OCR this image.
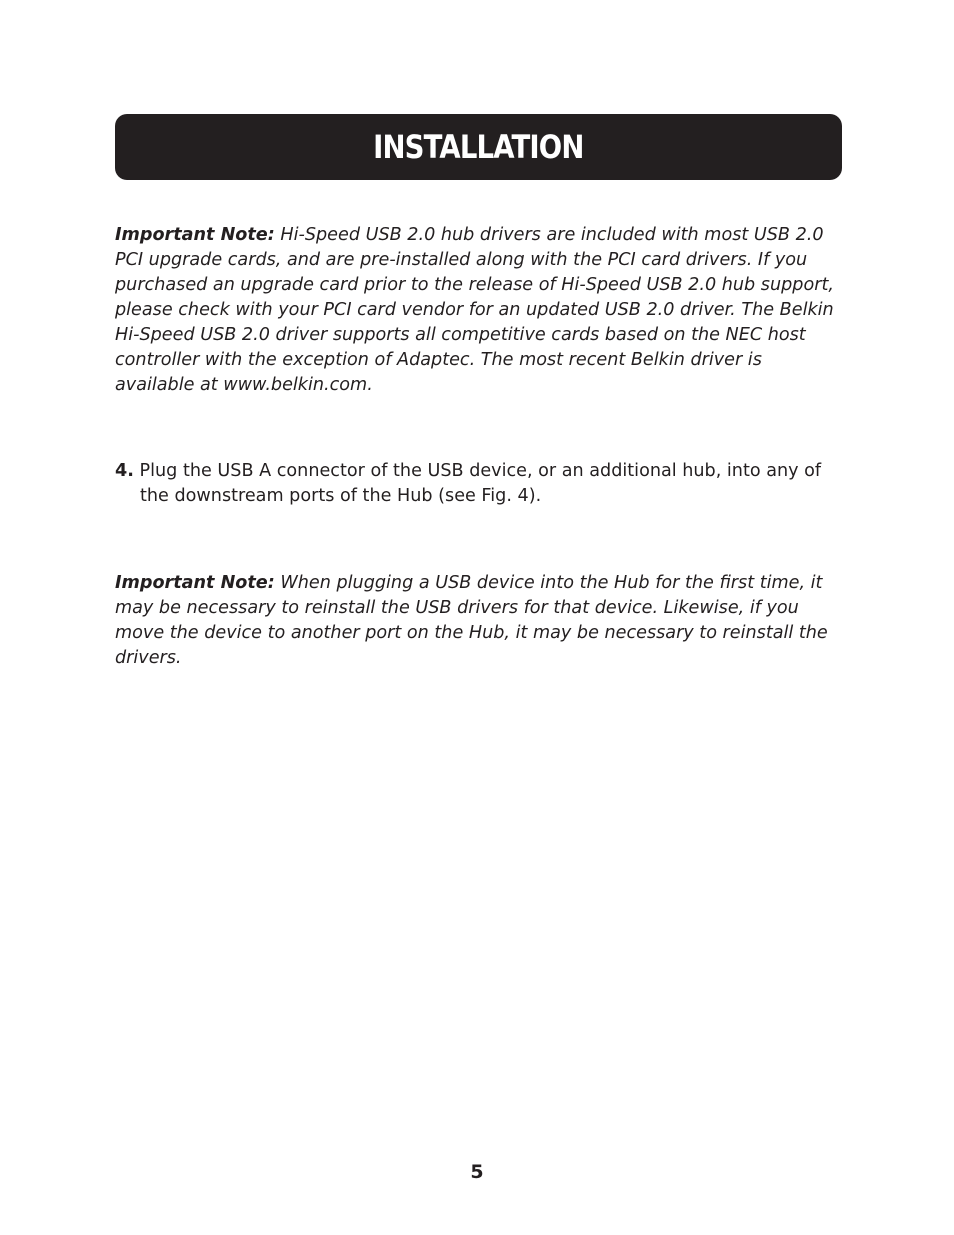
INSTALLATION
Important Note: Hi-Speed USB 2.0 hub drivers are included with most USB 2.0 PCI upgrade cards, and are pre-installed along with the PCI card drivers. If you purchased an upgrade card prior to the release of Hi-Speed USB 2.0 hub support, please check with your PCI card vendor for an updated USB 2.0 driver. The Belkin Hi-Speed USB 2.0 driver supports all competitive cards based on the NEC host controller with the exception of Adaptec. The most recent Belkin driver is available at www.belkin.com.
4. Plug the USB A connector of the USB device, or an additional hub, into any of the downstream ports of the Hub (see Fig. 4).
Important Note: When plugging a USB device into the Hub for the first time, it may be necessary to reinstall the USB drivers for that device. Likewise, if you move the device to another port on the Hub, it may be necessary to reinstall the drivers.
5
